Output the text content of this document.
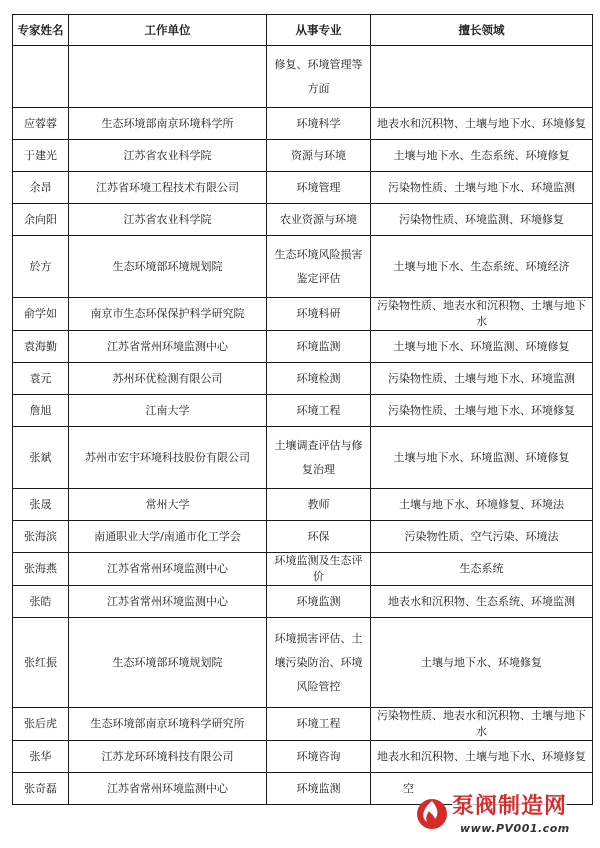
专家姓名	工作单位	从事专业	擅长领域
		修复、环境管理等方面	
应蓉蓉	生态环境部南京环境科学所	环境科学	地表水和沉积物、土壤与地下水、环境修复
于建光	江苏省农业科学院	资源与环境	土壤与地下水、生态系统、环境修复
余昂	江苏省环境工程技术有限公司	环境管理	污染物性质、土壤与地下水、环境监测
余向阳	江苏省农业科学院	农业资源与环境	污染物性质、环境监测、环境修复
於方	生态环境部环境规划院	生态环境风险损害鉴定评估	土壤与地下水、生态系统、环境经济
俞学如	南京市生态环保保护科学研究院	环境科研	污染物性质、地表水和沉积物、土壤与地下水
袁海勤	江苏省常州环境监测中心	环境监测	土壤与地下水、环境监测、环境修复
袁元	苏州环优检测有限公司	环境检测	污染物性质、土壤与地下水、环境监测
詹旭	江南大学	环境工程	污染物性质、土壤与地下水、环境修复
张斌	苏州市宏宇环境科技股份有限公司	土壤调查评估与修复治理	土壤与地下水、环境监测、环境修复
张晟	常州大学	教师	土壤与地下水、环境修复、环境法
张海滨	南通职业大学/南通市化工学会	环保	污染物性质、空气污染、环境法
张海燕	江苏省常州环境监测中心	环境监测及生态评价	生态系统
张皓	江苏省常州环境监测中心	环境监测	地表水和沉积物、生态系统、环境监测
张红振	生态环境部环境规划院	环境损害评估、土壤污染防治、环境风险管控	土壤与地下水、环境修复
张后虎	生态环境部南京环境科学研究所	环境工程	污染物性质、地表水和沉积物、土壤与地下水
张华	江苏龙环环境科技有限公司	环境咨询	地表水和沉积物、土壤与地下水、环境修复
张奇磊	江苏省常州环境监测中心	环境监测	空
泵阀制造网
www.PV001.com
